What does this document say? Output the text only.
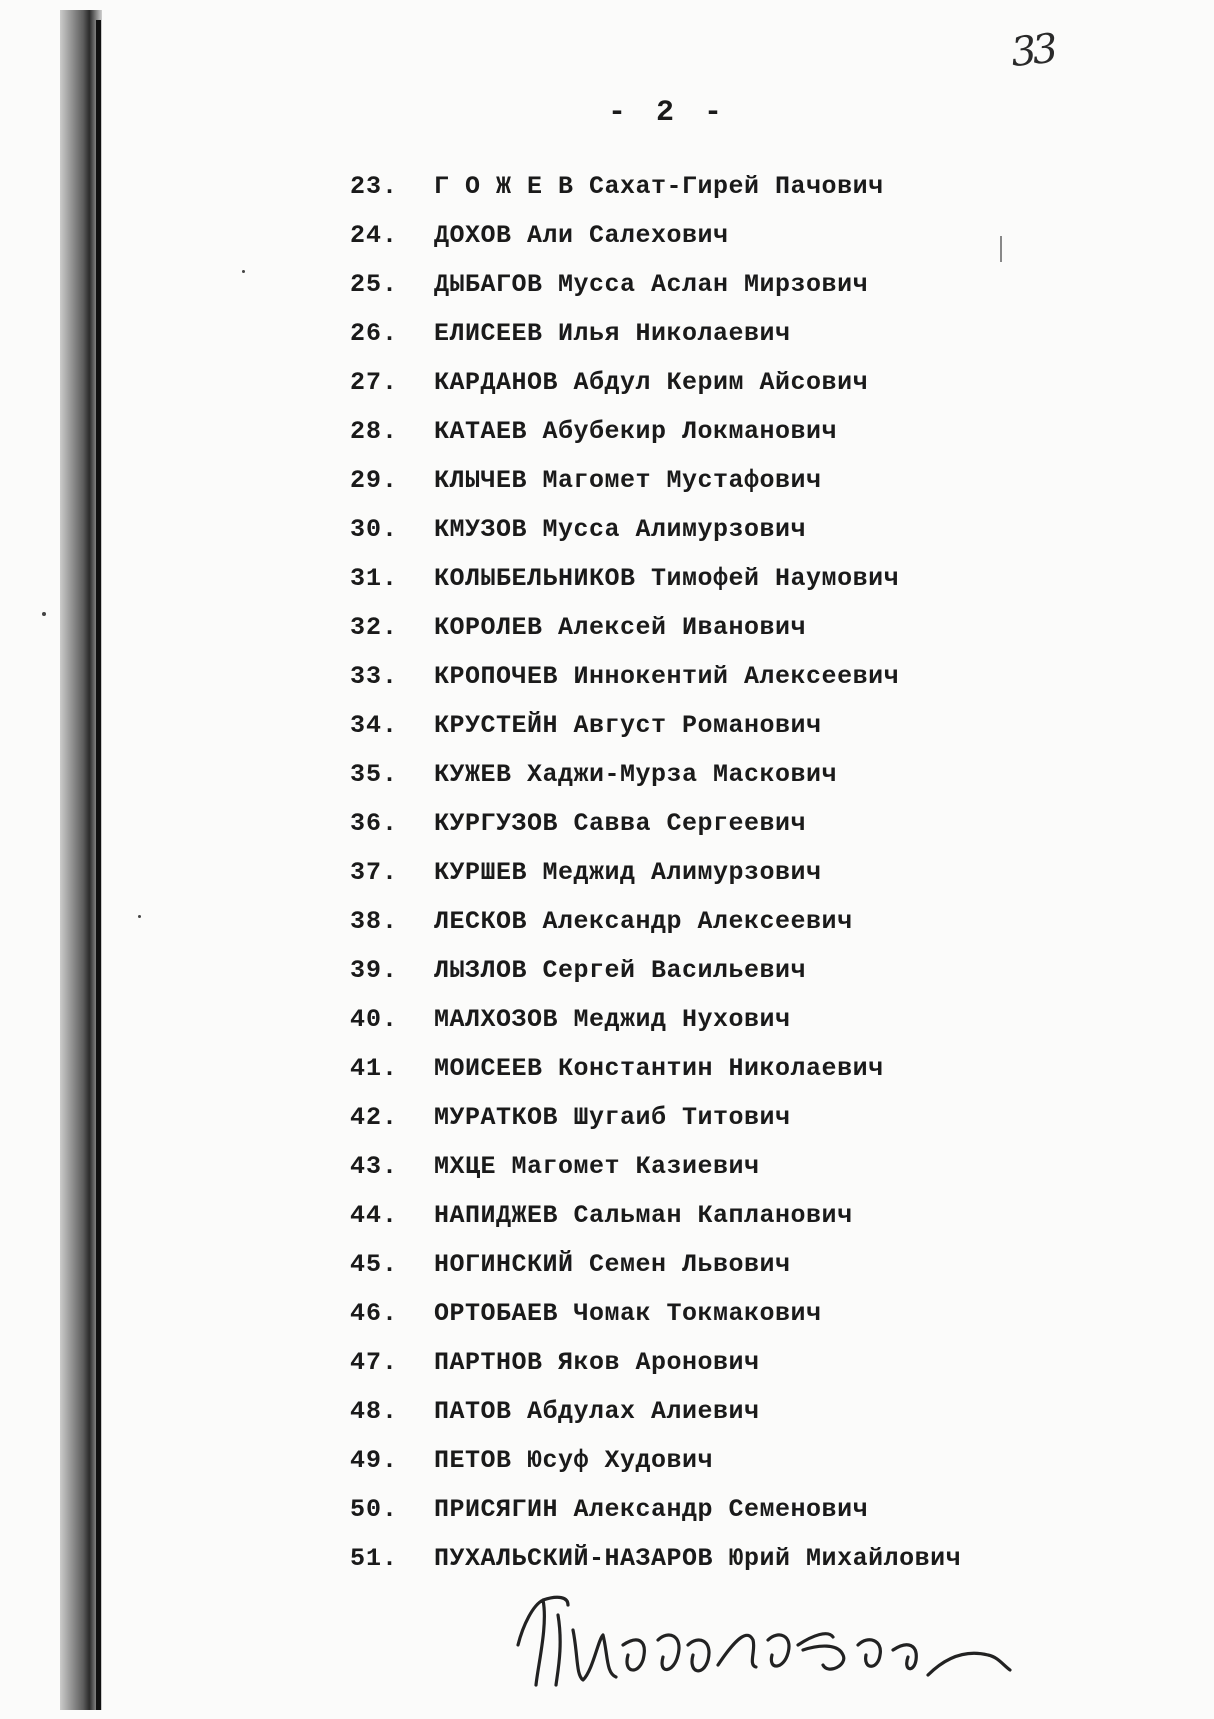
33
- 2 -
23.	Г О Ж Е В Сахат-Гирей Пачович
24.	ДОХОВ Али Салехович
25.	ДЫБАГОВ Мусса Аслан Мирзович
26.	ЕЛИСЕЕВ Илья Николаевич
27.	КАРДАНОВ Абдул Керим Айсович
28.	КАТАЕВ Абубекир Локманович
29.	КЛЫЧЕВ Магомет Мустафович
30.	КМУЗОВ Мусса Алимурзович
31.	КОЛЫБЕЛЬНИКОВ Тимофей Наумович
32.	КОРОЛЕВ Алексей Иванович
33.	КРОПОЧЕВ Иннокентий Алексеевич
34.	КРУСТЕЙН Август Романович
35.	КУЖЕВ Хаджи-Мурза Маскович
36.	КУРГУЗОВ Савва Сергеевич
37.	КУРШЕВ Меджид Алимурзович
38.	ЛЕСКОВ Александр Алексеевич
39.	ЛЫЗЛОВ Сергей Васильевич
40.	МАЛХОЗОВ Меджид Нухович
41.	МОИСЕЕВ Константин Николаевич
42.	МУРАТКОВ Шугаиб Титович
43.	МХЦЕ Магомет Казиевич
44.	НАПИДЖЕВ Сальман Капланович
45.	НОГИНСКИЙ Семен Львович
46.	ОРТОБАЕВ Чомак Токмакович
47.	ПАРТНОВ Яков Аронович
48.	ПАТОВ Абдулах Алиевич
49.	ПЕТОВ Юсуф Худович
50.	ПРИСЯГИН Александр Семенович
51.	ПУХАЛЬСКИЙ-НАЗАРОВ Юрий Михайлович
